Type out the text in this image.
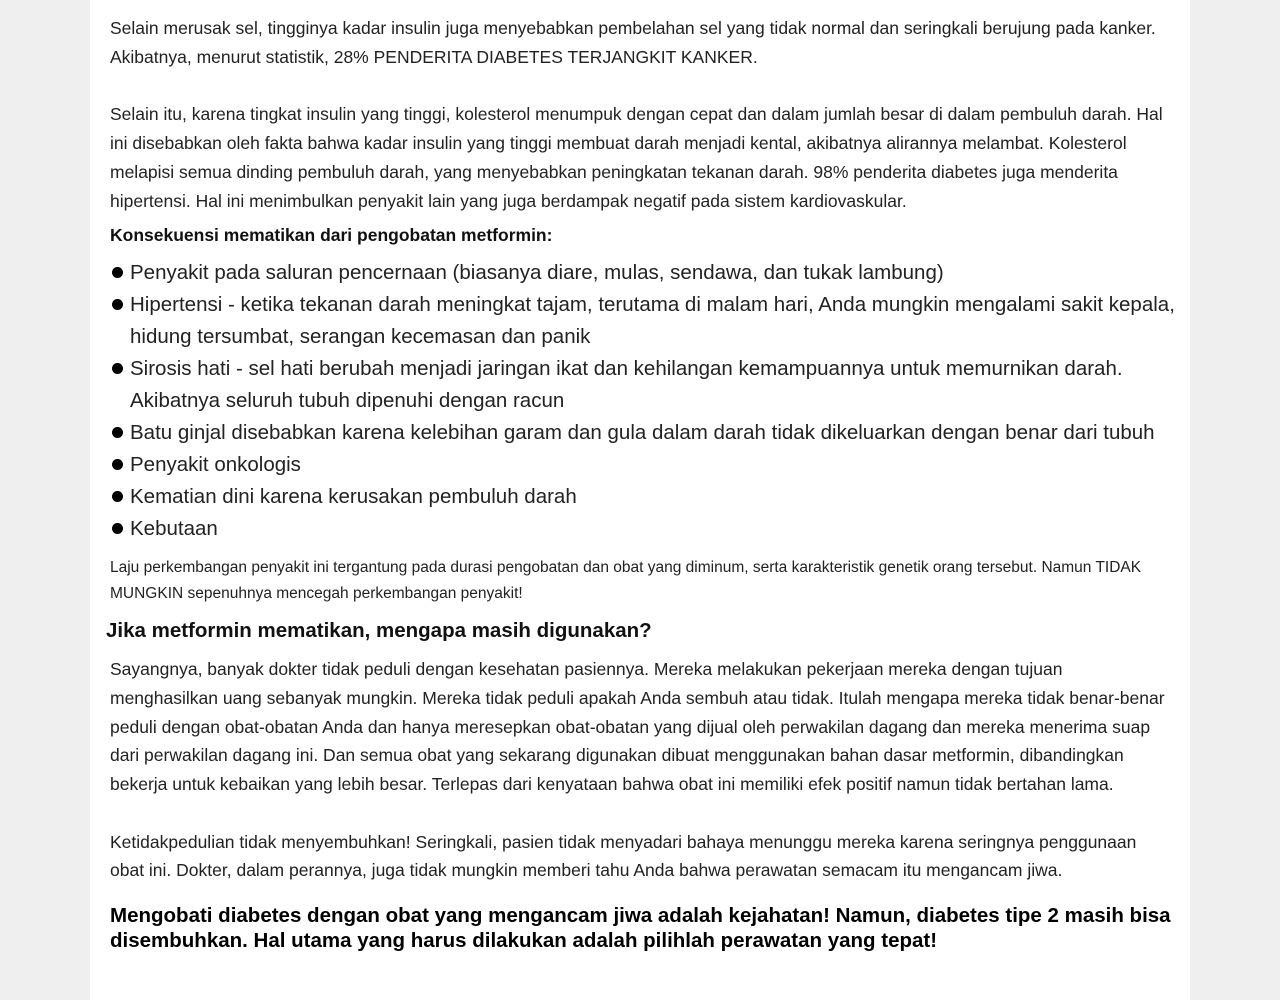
Selain merusak sel, tingginya kadar insulin juga menyebabkan pembelahan sel yang tidak normal dan seringkali berujung pada kanker. Akibatnya, menurut statistik, 28% PENDERITA DIABETES TERJANGKIT KANKER.

Selain itu, karena tingkat insulin yang tinggi, kolesterol menumpuk dengan cepat dan dalam jumlah besar di dalam pembuluh darah. Hal ini disebabkan oleh fakta bahwa kadar insulin yang tinggi membuat darah menjadi kental, akibatnya alirannya melambat. Kolesterol melapisi semua dinding pembuluh darah, yang menyebabkan peningkatan tekanan darah. 98% penderita diabetes juga menderita hipertensi. Hal ini menimbulkan penyakit lain yang juga berdampak negatif pada sistem kardiovaskular.

Konsekuensi mematikan dari pengobatan metformin:

Penyakit pada saluran pencernaan (biasanya diare, mulas, sendawa, dan tukak lambung)
Hipertensi - ketika tekanan darah meningkat tajam, terutama di malam hari, Anda mungkin mengalami sakit kepala, hidung tersumbat, serangan kecemasan dan panik
Sirosis hati - sel hati berubah menjadi jaringan ikat dan kehilangan kemampuannya untuk memurnikan darah. Akibatnya seluruh tubuh dipenuhi dengan racun
Batu ginjal disebabkan karena kelebihan garam dan gula dalam darah tidak dikeluarkan dengan benar dari tubuh
Penyakit onkologis
Kematian dini karena kerusakan pembuluh darah
Kebutaan

Laju perkembangan penyakit ini tergantung pada durasi pengobatan dan obat yang diminum, serta karakteristik genetik orang tersebut. Namun TIDAK MUNGKIN sepenuhnya mencegah perkembangan penyakit!

Jika metformin mematikan, mengapa masih digunakan?

Sayangnya, banyak dokter tidak peduli dengan kesehatan pasiennya. Mereka melakukan pekerjaan mereka dengan tujuan menghasilkan uang sebanyak mungkin. Mereka tidak peduli apakah Anda sembuh atau tidak. Itulah mengapa mereka tidak benar-benar peduli dengan obat-obatan Anda dan hanya meresepkan obat-obatan yang dijual oleh perwakilan dagang dan mereka menerima suap dari perwakilan dagang ini. Dan semua obat yang sekarang digunakan dibuat menggunakan bahan dasar metformin, dibandingkan bekerja untuk kebaikan yang lebih besar. Terlepas dari kenyataan bahwa obat ini memiliki efek positif namun tidak bertahan lama.

Ketidakpedulian tidak menyembuhkan! Seringkali, pasien tidak menyadari bahaya menunggu mereka karena seringnya penggunaan obat ini. Dokter, dalam perannya, juga tidak mungkin memberi tahu Anda bahwa perawatan semacam itu mengancam jiwa.

Mengobati diabetes dengan obat yang mengancam jiwa adalah kejahatan! Namun, diabetes tipe 2 masih bisa disembuhkan. Hal utama yang harus dilakukan adalah pilihlah perawatan yang tepat!
